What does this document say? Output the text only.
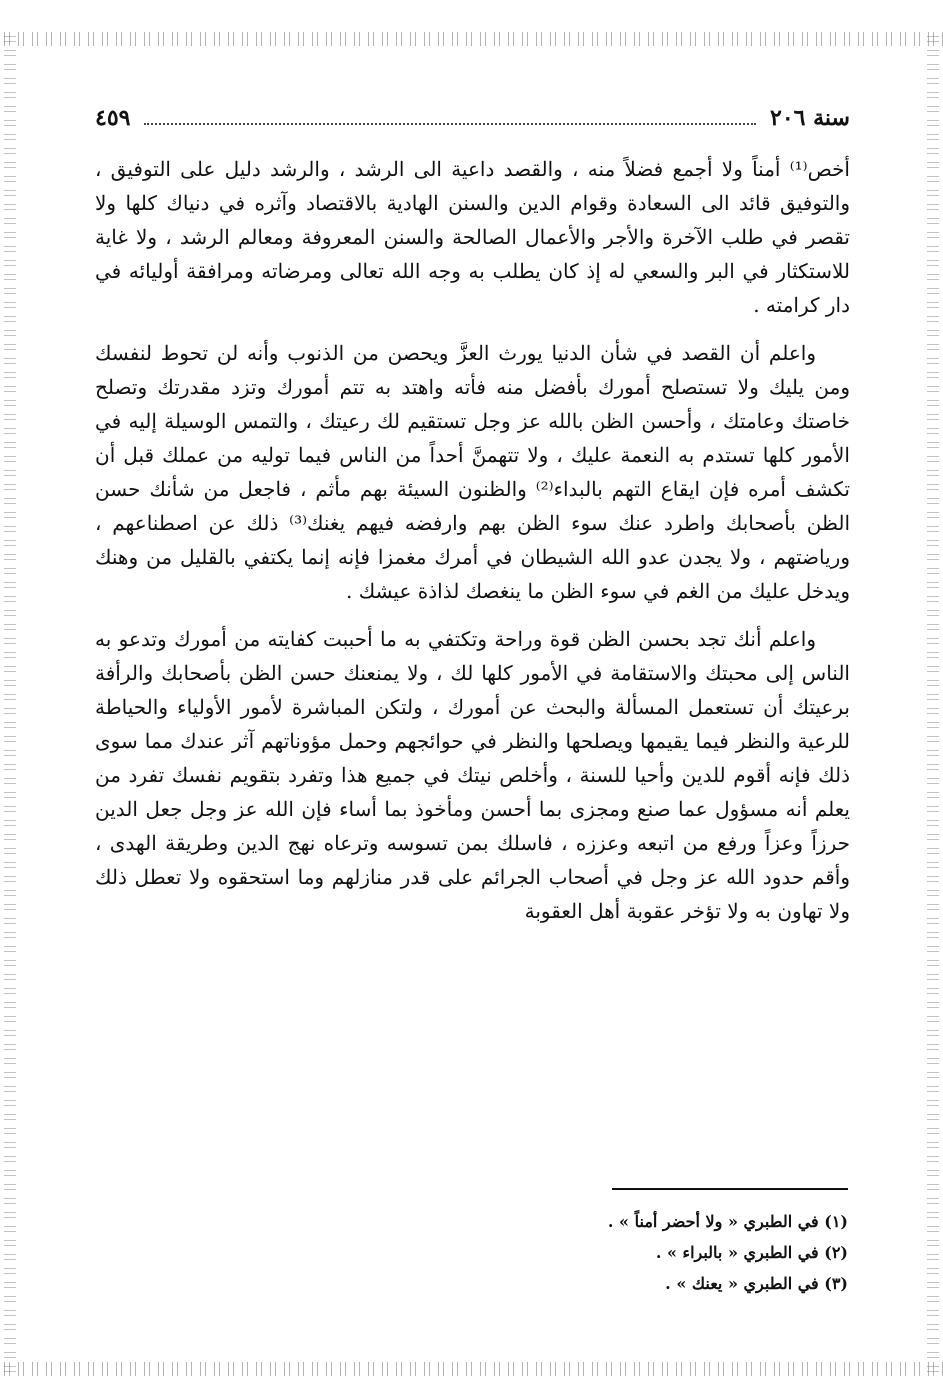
سنة ٢٠٦
٤٥٩

أخص⁽¹⁾ أمناً ولا أجمع فضلاً منه ، والقصد داعية الى الرشد ، والرشد دليل على التوفيق ، والتوفيق قائد الى السعادة وقوام الدين والسنن الهادية بالاقتصاد وآثره في دنياك كلها ولا تقصر في طلب الآخرة والأجر والأعمال الصالحة والسنن المعروفة ومعالم الرشد ، ولا غاية للاستكثار في البر والسعي له إذ كان يطلب به وجه الله تعالى ومرضاته ومرافقة أوليائه في دار كرامته .

واعلم أن القصد في شأن الدنيا يورث العزَّ ويحصن من الذنوب وأنه لن تحوط لنفسك ومن يليك ولا تستصلح أمورك بأفضل منه فأته واهتد به تتم أمورك وتزد مقدرتك وتصلح خاصتك وعامتك ، وأحسن الظن بالله عز وجل تستقيم لك رعيتك ، والتمس الوسيلة إليه في الأمور كلها تستدم به النعمة عليك ، ولا تتهمنَّ أحداً من الناس فيما توليه من عملك قبل أن تكشف أمره فإن ايقاع التهم بالبداء⁽²⁾ والظنون السيئة بهم مأثم ، فاجعل من شأنك حسن الظن بأصحابك واطرد عنك سوء الظن بهم وارفضه فيهم يغنك⁽³⁾ ذلك عن اصطناعهم ، ورياضتهم ، ولا يجدن عدو الله الشيطان في أمرك مغمزا فإنه إنما يكتفي بالقليل من وهنك ويدخل عليك من الغم في سوء الظن ما ينغصك لذاذة عيشك .

واعلم أنك تجد بحسن الظن قوة وراحة وتكتفي به ما أحببت كفايته من أمورك وتدعو به الناس إلى محبتك والاستقامة في الأمور كلها لك ، ولا يمنعنك حسن الظن بأصحابك والرأفة برعيتك أن تستعمل المسألة والبحث عن أمورك ، ولتكن المباشرة لأمور الأولياء والحياطة للرعية والنظر فيما يقيمها ويصلحها والنظر في حوائجهم وحمل مؤوناتهم آثر عندك مما سوى ذلك فإنه أقوم للدين وأحيا للسنة ، وأخلص نيتك في جميع هذا وتفرد بتقويم نفسك تفرد من يعلم أنه مسؤول عما صنع ومجزى بما أحسن ومأخوذ بما أساء فإن الله عز وجل جعل الدين حرزاً وعزاً ورفع من اتبعه وعززه ، فاسلك بمن تسوسه وترعاه نهج الدين وطريقة الهدى ، وأقم حدود الله عز وجل في أصحاب الجرائم على قدر منازلهم وما استحقوه ولا تعطل ذلك ولا تهاون به ولا تؤخر عقوبة أهل العقوبة

(١) في الطبري « ولا أحضر أمناً » .
(٢) في الطبري « بالبراء » .
(٣) في الطبري « يعنك » .
